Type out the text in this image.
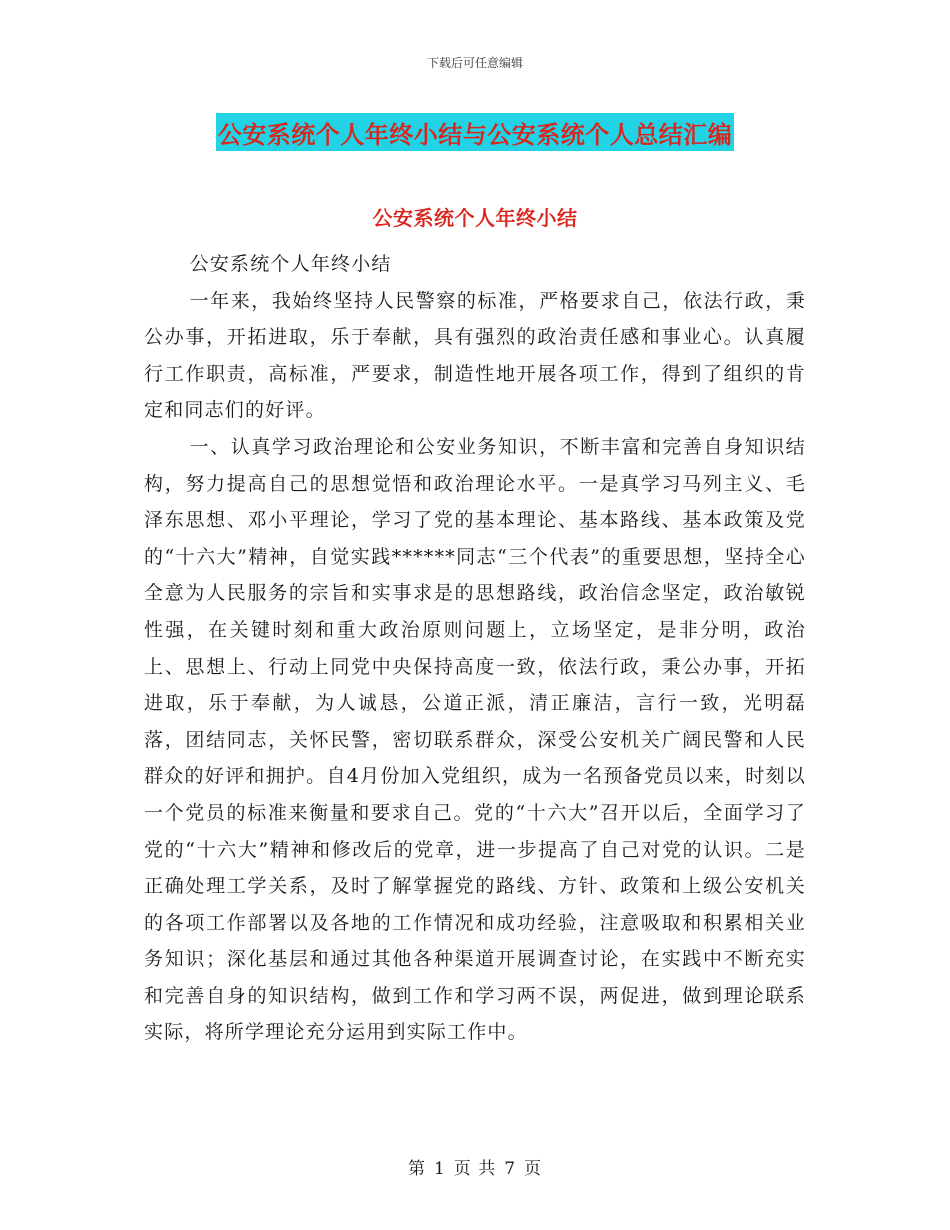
下载后可任意编辑
公安系统个人年终小结与公安系统个人总结汇编
公安系统个人年终小结

公安系统个人年终小结

一年来，我始终坚持人民警察的标准，严格要求自己，依法行政，秉公办事，开拓进取，乐于奉献，具有强烈的政治责任感和事业心。认真履行工作职责，高标准，严要求，制造性地开展各项工作，得到了组织的肯定和同志们的好评。

一、认真学习政治理论和公安业务知识，不断丰富和完善自身知识结构，努力提高自己的思想觉悟和政治理论水平。一是真学习马列主义、毛泽东思想、邓小平理论，学习了党的基本理论、基本路线、基本政策及党的“十六大”精神，自觉实践******同志“三个代表”的重要思想，坚持全心全意为人民服务的宗旨和实事求是的思想路线，政治信念坚定，政治敏锐性强，在关键时刻和重大政治原则问题上，立场坚定，是非分明，政治上、思想上、行动上同党中央保持高度一致，依法行政，秉公办事，开拓进取，乐于奉献，为人诚恳，公道正派，清正廉洁，言行一致，光明磊落，团结同志，关怀民警，密切联系群众，深受公安机关广阔民警和人民群众的好评和拥护。自4月份加入党组织，成为一名预备党员以来，时刻以一个党员的标准来衡量和要求自己。党的“十六大”召开以后，全面学习了党的“十六大”精神和修改后的党章，进一步提高了自己对党的认识。二是正确处理工学关系，及时了解掌握党的路线、方针、政策和上级公安机关的各项工作部署以及各地的工作情况和成功经验，注意吸取和积累相关业务知识；深化基层和通过其他各种渠道开展调查讨论，在实践中不断充实和完善自身的知识结构，做到工作和学习两不误，两促进，做到理论联系实际，将所学理论充分运用到实际工作中。

第 1 页 共 7 页
